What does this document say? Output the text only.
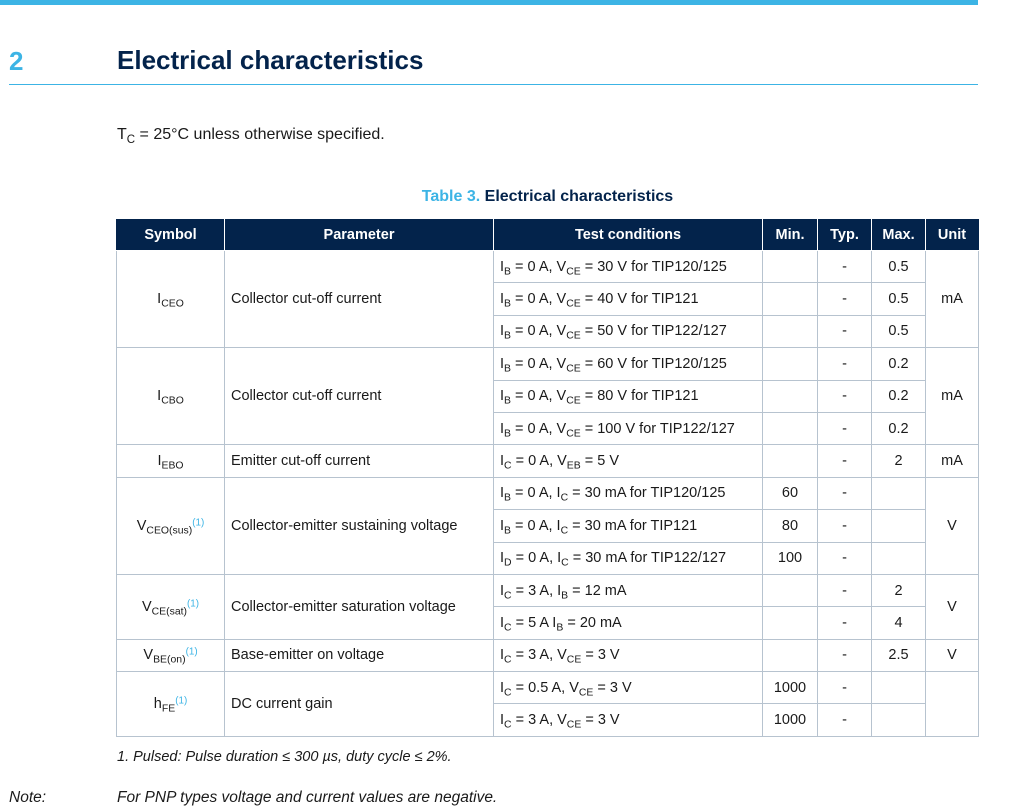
2	Electrical characteristics
$T_C = 25^\circ C$ unless otherwise specified.
Table 3. Electrical characteristics
Symbol	Parameter	Test conditions	Min.	Typ.	Max.	Unit
$I_{CEO}$	Collector cut-off current	$I_B = 0$ A, $V_{CE} = 30$ V for TIP120/125		-	0.5	mA
		$I_B = 0$ A, $V_{CE} = 40$ V for TIP121		-	0.5	
		$I_B = 0$ A, $V_{CE} = 50$ V for TIP122/127		-	0.5	
$I_{CBO}$	Collector cut-off current	$I_B = 0$ A, $V_{CE} = 60$ V for TIP120/125		-	0.2	mA
		$I_B = 0$ A, $V_{CE} = 80$ V for TIP121		-	0.2	
		$I_B = 0$ A, $V_{CE} = 100$ V for TIP122/127		-	0.2	
$I_{EBO}$	Emitter cut-off current	$I_C = 0$ A, $V_{EB} = 5$ V		-	2	mA
$V_{CEO(sus)}^{(1)}$	Collector-emitter sustaining voltage	$I_B = 0$ A, $I_C = 30$ mA for TIP120/125	60	-		V
		$I_B = 0$ A, $I_C = 30$ mA for TIP121	80	-		
		$I_D = 0$ A, $I_C = 30$ mA for TIP122/127	100	-		
$V_{CE(sat)}^{(1)}$	Collector-emitter saturation voltage	$I_C = 3$ A, $I_B = 12$ mA		-	2	V
		$I_C = 5$ A $I_B = 20$ mA		-	4	
$V_{BE(on)}^{(1)}$	Base-emitter on voltage	$I_C = 3$ A, $V_{CE} = 3$ V		-	2.5	V
$h_{FE}^{(1)}$	DC current gain	$I_C = 0.5$ A, $V_{CE} = 3$ V	1000	-		
		$I_C = 3$ A, $V_{CE} = 3$ V	1000	-		
1. Pulsed: Pulse duration ≤ 300 µs, duty cycle ≤ 2%.
Note:	For PNP types voltage and current values are negative.
